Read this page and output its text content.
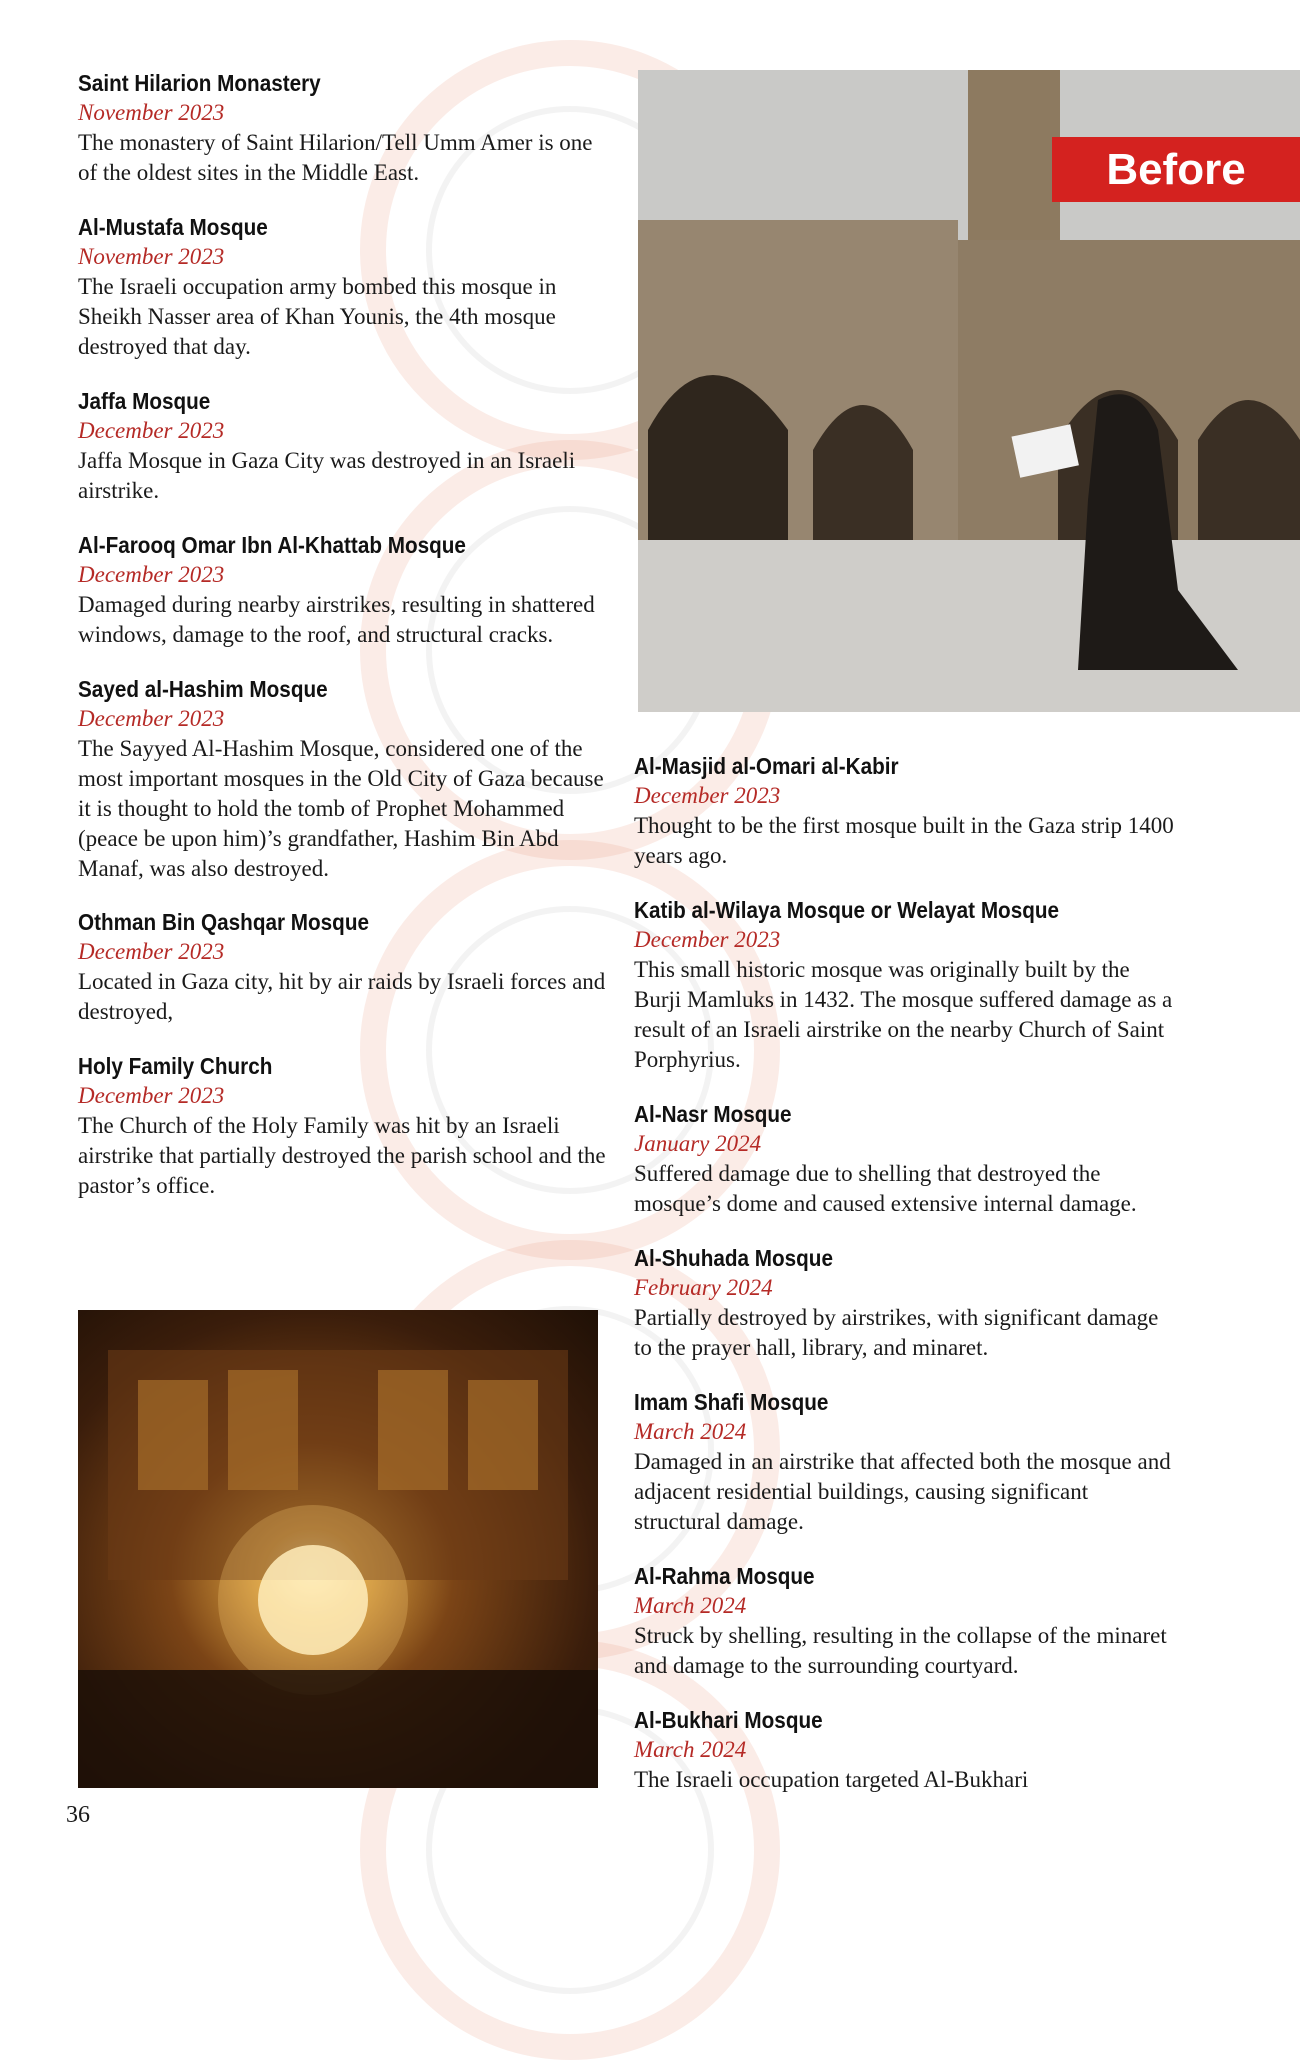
Before
Saint Hilarion Monastery
November 2023
The monastery of Saint Hilarion/Tell Umm Amer is one of the oldest sites in the Middle East.
Al-Mustafa Mosque
November 2023
The Israeli occupation army bombed this mosque in Sheikh Nasser area of Khan Younis, the 4th mosque destroyed that day.
Jaffa Mosque
December 2023
Jaffa Mosque in Gaza City was destroyed in an Israeli airstrike.
Al-Farooq Omar Ibn Al-Khattab Mosque
December 2023
Damaged during nearby airstrikes, resulting in shattered windows, damage to the roof, and structural cracks.
Sayed al-Hashim Mosque
December 2023
The Sayyed Al-Hashim Mosque, considered one of the most important mosques in the Old City of Gaza because it is thought to hold the tomb of Prophet Mohammed (peace be upon him)’s grandfather, Hashim Bin Abd Manaf, was also destroyed.
Othman Bin Qashqar Mosque
December 2023
Located in Gaza city, hit by air raids by Israeli forces and destroyed,
Holy Family Church
December 2023
The Church of the Holy Family was hit by an Israeli airstrike that partially destroyed the parish school and the pastor’s office.
Al-Masjid al-Omari al-Kabir
December 2023
Thought to be the first mosque built in the Gaza strip 1400 years ago.
Katib al-Wilaya Mosque or Welayat Mosque
December 2023
This small historic mosque was originally built by the Burji Mamluks in 1432. The mosque suffered damage as a result of an Israeli airstrike on the nearby Church of Saint Porphyrius.
Al-Nasr Mosque
January 2024
Suffered damage due to shelling that destroyed the mosque’s dome and caused extensive internal damage.
Al-Shuhada Mosque
February 2024
Partially destroyed by airstrikes, with significant damage to the prayer hall, library, and minaret.
Imam Shafi Mosque
March 2024
Damaged in an airstrike that affected both the mosque and adjacent residential buildings, causing significant structural damage.
Al-Rahma Mosque
March 2024
Struck by shelling, resulting in the collapse of the minaret and damage to the surrounding courtyard.
Al-Bukhari Mosque
March 2024
The Israeli occupation targeted Al-Bukhari
36
